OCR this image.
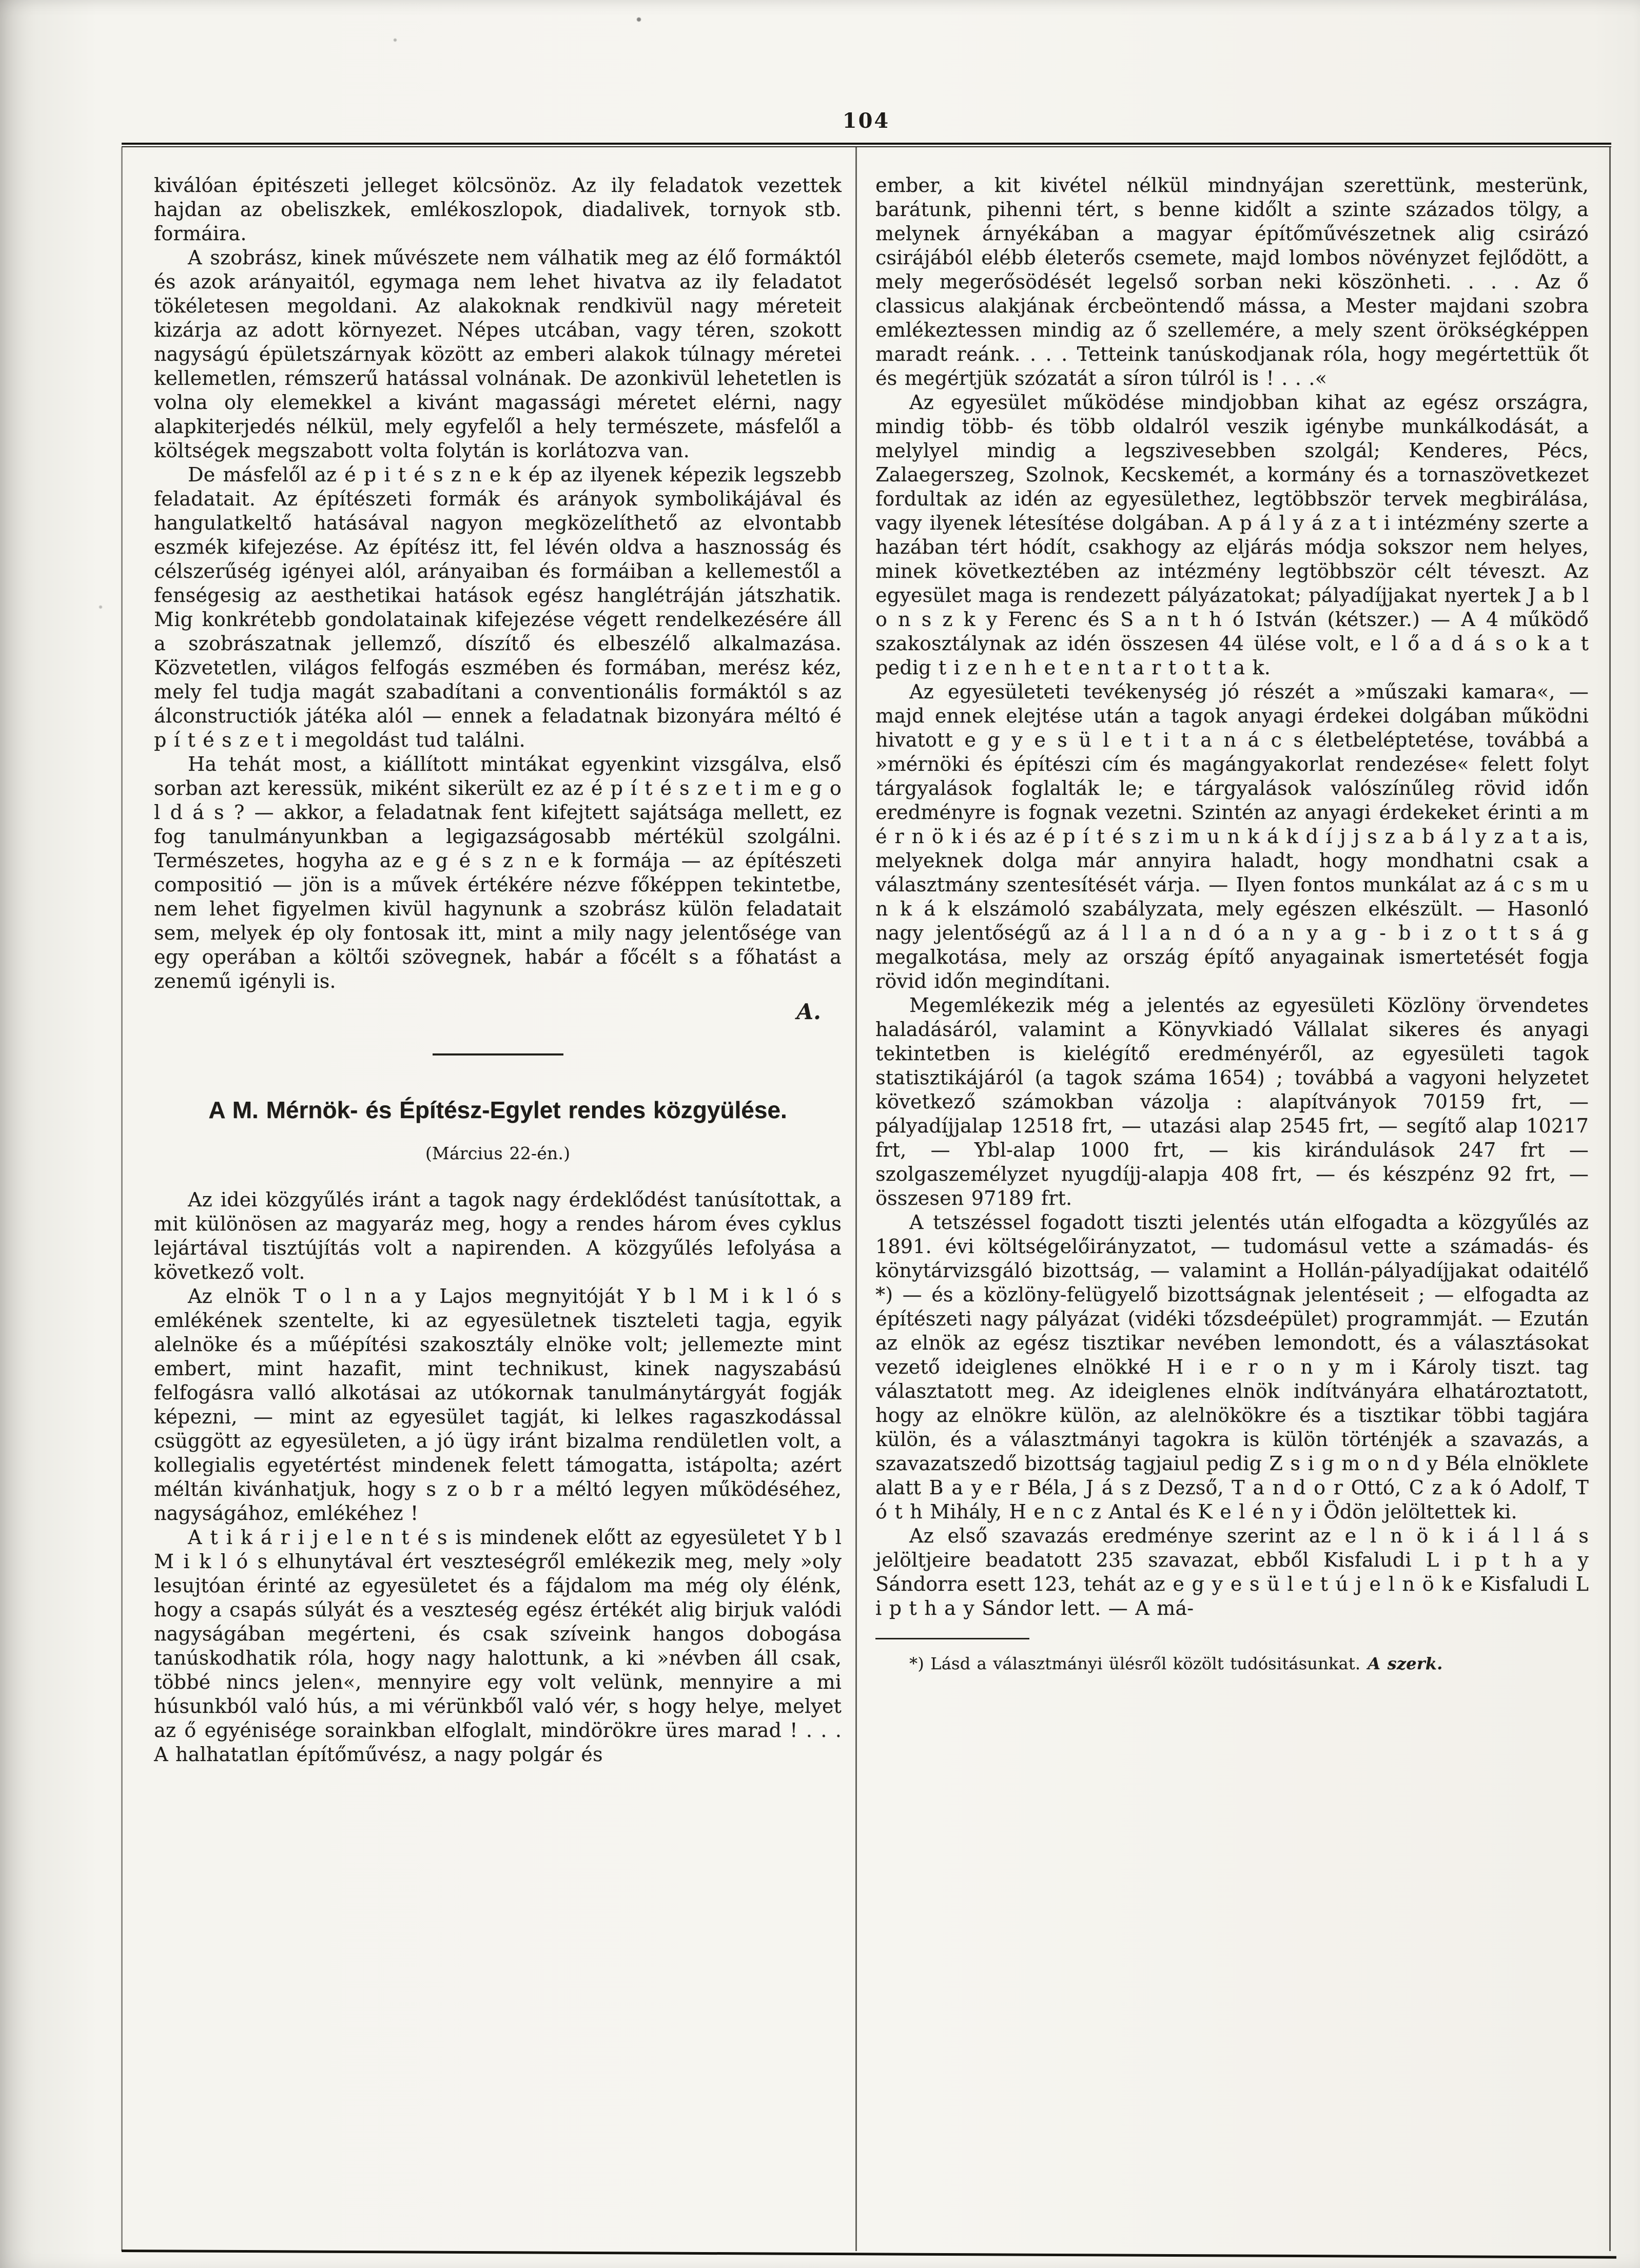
104

kiválóan épitészeti jelleget kölcsönöz. Az ily feladatok vezettek hajdan az obeliszkek, emlékoszlopok, diadalivek, tornyok stb. formáira.

A szobrász, kinek művészete nem válhatik meg az élő formáktól és azok arányaitól, egymaga nem lehet hivatva az ily feladatot tökéletesen megoldani. Az alakoknak rendkivül nagy méreteit kizárja az adott környezet. Népes utcában, vagy téren, szokott nagyságú épületszárnyak között az emberi alakok túlnagy méretei kellemetlen, rémszerű hatással volnának. De azonkivül lehetetlen is volna oly elemekkel a kivánt magassági méretet elérni, nagy alapkiterjedés nélkül, mely egyfelől a hely természete, másfelől a költségek megszabott volta folytán is korlátozva van.

De másfelől az é p i t é s z n e k ép az ilyenek képezik legszebb feladatait. Az építészeti formák és arányok symbolikájával és hangulatkeltő hatásával nagyon megközelíthető az elvontabb eszmék kifejezése. Az építész itt, fel lévén oldva a hasznosság és célszerűség igényei alól, arányaiban és formáiban a kellemestől a fenségesig az aesthetikai hatások egész hanglétráján játszhatik. Mig konkrétebb gondolatainak kifejezése végett rendelkezésére áll a szobrászatnak jellemző, díszítő és elbeszélő alkalmazása. Közvetetlen, világos felfogás eszmében és formában, merész kéz, mely fel tudja magát szabadítani a conventionális formáktól s az álconstructiók játéka alól — ennek a feladatnak bizonyára méltó é p í t é s z e t i megoldást tud találni.

Ha tehát most, a kiállított mintákat egyenkint vizsgálva, első sorban azt keressük, miként sikerült ez az é p í t é s z e t i m e g o l d á s ? — akkor, a feladatnak fent kifejtett sajátsága mellett, ez fog tanulmányunkban a legigazságosabb mértékül szolgálni. Természetes, hogyha az e g é s z n e k formája — az építészeti compositió — jön is a művek értékére nézve főképpen tekintetbe, nem lehet figyelmen kivül hagynunk a szobrász külön feladatait sem, melyek ép oly fontosak itt, mint a mily nagy jelentősége van egy operában a költői szövegnek, habár a főcélt s a főhatást a zenemű igényli is.

A.
A M. Mérnök- és Építész-Egylet rendes közgyülése.
(Március 22-én.)

Az idei közgyűlés iránt a tagok nagy érdeklődést tanúsítottak, a mit különösen az magyaráz meg, hogy a rendes három éves cyklus lejártával tisztújítás volt a napirenden. A közgyűlés lefolyása a következő volt.

Az elnök T o l n a y Lajos megnyitóját Y b l M i k l ó s emlékének szentelte, ki az egyesületnek tiszteleti tagja, egyik alelnöke és a műépítési szakosztály elnöke volt; jellemezte mint embert, mint hazafit, mint technikust, kinek nagyszabású felfogásra valló alkotásai az utókornak tanulmánytárgyát fogják képezni, — mint az egyesület tagját, ki lelkes ragaszkodással csüggött az egyesületen, a jó ügy iránt bizalma rendületlen volt, a kollegialis egyetértést mindenek felett támogatta, istápolta; azért méltán kivánhatjuk, hogy s z o b r a méltó legyen működéséhez, nagyságához, emlékéhez !

A t i k á r i j e l e n t é s is mindenek előtt az egyesületet Y b l M i k l ó s elhunytával ért veszteségről emlékezik meg, mely »oly lesujtóan érinté az egyesületet és a fájdalom ma még oly élénk, hogy a csapás súlyát és a veszteség egész értékét alig birjuk valódi nagyságában megérteni, és csak szíveink hangos dobogása tanúskodhatik róla, hogy nagy halottunk, a ki »névben áll csak, többé nincs jelen«, mennyire egy volt velünk, mennyire a mi húsunkból való hús, a mi vérünkből való vér, s hogy helye, melyet az ő egyénisége sorainkban elfoglalt, mindörökre üres marad ! . . . A halhatatlan építőművész, a nagy polgár és

ember, a kit kivétel nélkül mindnyájan szerettünk, mesterünk, barátunk, pihenni tért, s benne kidőlt a szinte százados tölgy, a melynek árnyékában a magyar építőművészetnek alig csirázó csirájából elébb életerős csemete, majd lombos növényzet fejlődött, a mely megerősödését legelső sorban neki köszönheti. . . . Az ő classicus alakjának ércbeöntendő mássa, a Mester majdani szobra emlékeztessen mindig az ő szellemére, a mely szent örökségképpen maradt reánk. . . . Tetteink tanúskodjanak róla, hogy megértettük őt és megértjük szózatát a síron túlról is ! . . .«

Az egyesület működése mindjobban kihat az egész országra, mindig több- és több oldalról veszik igénybe munkálkodását, a melylyel mindig a legszivesebben szolgál; Kenderes, Pécs, Zalaegerszeg, Szolnok, Kecskemét, a kormány és a tornaszövetkezet fordultak az idén az egyesülethez, legtöbbször tervek megbirálása, vagy ilyenek létesítése dolgában. A p á l y á z a t i intézmény szerte a hazában tért hódít, csakhogy az eljárás módja sokszor nem helyes, minek következtében az intézmény legtöbbször célt téveszt. Az egyesület maga is rendezett pályázatokat; pályadíjjakat nyertek J a b l o n s z k y Ferenc és S a n t h ó István (kétszer.) — A 4 működő szakosztálynak az idén összesen 44 ülése volt, e l ő a d á s o k a t pedig t i z e n h e t e n t a r t o t t a k.

Az egyesületeti tevékenység jó részét a »műszaki kamara«, — majd ennek elejtése után a tagok anyagi érdekei dolgában működni hivatott e g y e s ü l e t i t a n á c s életbeléptetése, továbbá a »mérnöki és építészi cím és magángyakorlat rendezése« felett folyt tárgyalások foglalták le; e tárgyalások valószínűleg rövid időn eredményre is fognak vezetni. Szintén az anyagi érdekeket érinti a m é r n ö k i és az é p í t é s z i m u n k á k d í j j s z a b á l y z a t a is, melyeknek dolga már annyira haladt, hogy mondhatni csak a választmány szentesítését várja. — Ilyen fontos munkálat az á c s m u n k á k elszámoló szabályzata, mely egészen elkészült. — Hasonló nagy jelentőségű az á l l a n d ó a n y a g - b i z o t t s á g megalkotása, mely az ország építő anyagainak ismertetését fogja rövid időn megindítani.

Megemlékezik még a jelentés az egyesületi Közlöny örvendetes haladásáról, valamint a Könyvkiadó Vállalat sikeres és anyagi tekintetben is kielégítő eredményéről, az egyesületi tagok statisztikájáról (a tagok száma 1654) ; továbbá a vagyoni helyzetet következő számokban vázolja : alapítványok 70159 frt, — pályadíjjalap 12518 frt, — utazási alap 2545 frt, — segítő alap 10217 frt, — Ybl-alap 1000 frt, — kis kirándulások 247 frt — szolgaszemélyzet nyugdíjj-alapja 408 frt, — és készpénz 92 frt, — összesen 97189 frt.

A tetszéssel fogadott tiszti jelentés után elfogadta a közgyűlés az 1891. évi költségelőirányzatot, — tudomásul vette a számadás- és könytárvizsgáló bizottság, — valamint a Hollán-pályadíjjakat odaitélő *) — és a közlöny-felügyelő bizottságnak jelentéseit ; — elfogadta az építészeti nagy pályázat (vidéki tőzsdeépület) programmját. — Ezután az elnök az egész tisztikar nevében lemondott, és a választásokat vezető ideiglenes elnökké H i e r o n y m i Károly tiszt. tag választatott meg. Az ideiglenes elnök indítványára elhatároztatott, hogy az elnökre külön, az alelnökökre és a tisztikar többi tagjára külön, és a választmányi tagokra is külön történjék a szavazás, a szavazatszedő bizottság tagjaiul pedig Z s i g m o n d y Béla elnöklete alatt B a y e r Béla, J á s z Dezső, T a n d o r Ottó, C z a k ó Adolf, T ó t h Mihály, H e n c z Antal és K e l é n y i Ödön jelöltettek ki.

Az első szavazás eredménye szerint az e l n ö k i á l l á s jelöltjeire beadatott 235 szavazat, ebből Kisfaludi L i p t h a y Sándorra esett 123, tehát az e g y e s ü l e t ú j e l n ö k e Kisfaludi L i p t h a y Sándor lett. — A má-

*) Lásd a választmányi ülésről közölt tudósitásunkat. A szerk.
